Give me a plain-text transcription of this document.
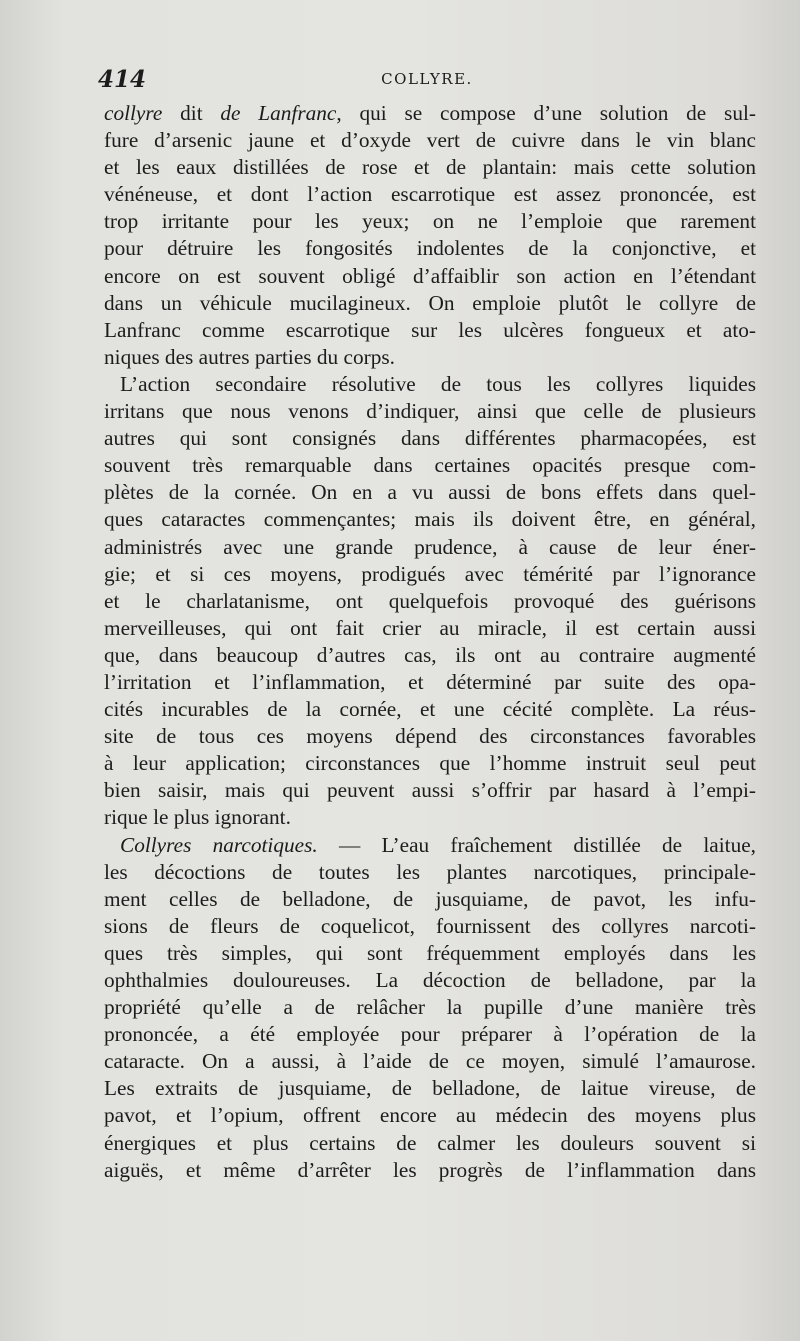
414	COLLYRE.
collyre dit de Lanfranc, qui se compose d’une solution de sul-
fure d’arsenic jaune et d’oxyde vert de cuivre dans le vin blanc
et les eaux distillées de rose et de plantain: mais cette solution
vénéneuse, et dont l’action escarrotique est assez prononcée, est
trop irritante pour les yeux; on ne l’emploie que rarement
pour détruire les fongosités indolentes de la conjonctive, et
encore on est souvent obligé d’affaiblir son action en l’étendant
dans un véhicule mucilagineux. On emploie plutôt le collyre de
Lanfranc comme escarrotique sur les ulcères fongueux et ato-
niques des autres parties du corps.
L’action secondaire résolutive de tous les collyres liquides
irritans que nous venons d’indiquer, ainsi que celle de plusieurs
autres qui sont consignés dans différentes pharmacopées, est
souvent très remarquable dans certaines opacités presque com-
plètes de la cornée. On en a vu aussi de bons effets dans quel-
ques cataractes commençantes; mais ils doivent être, en général,
administrés avec une grande prudence, à cause de leur éner-
gie; et si ces moyens, prodigués avec témérité par l’ignorance
et le charlatanisme, ont quelquefois provoqué des guérisons
merveilleuses, qui ont fait crier au miracle, il est certain aussi
que, dans beaucoup d’autres cas, ils ont au contraire augmenté
l’irritation et l’inflammation, et déterminé par suite des opa-
cités incurables de la cornée, et une cécité complète. La réus-
site de tous ces moyens dépend des circonstances favorables
à leur application; circonstances que l’homme instruit seul peut
bien saisir, mais qui peuvent aussi s’offrir par hasard à l’empi-
rique le plus ignorant.
Collyres narcotiques. — L’eau fraîchement distillée de laitue,
les décoctions de toutes les plantes narcotiques, principale-
ment celles de belladone, de jusquiame, de pavot, les infu-
sions de fleurs de coquelicot, fournissent des collyres narcoti-
ques très simples, qui sont fréquemment employés dans les
ophthalmies douloureuses. La décoction de belladone, par la
propriété qu’elle a de relâcher la pupille d’une manière très
prononcée, a été employée pour préparer à l’opération de la
cataracte. On a aussi, à l’aide de ce moyen, simulé l’amaurose.
Les extraits de jusquiame, de belladone, de laitue vireuse, de
pavot, et l’opium, offrent encore au médecin des moyens plus
énergiques et plus certains de calmer les douleurs souvent si
aiguës, et même d’arrêter les progrès de l’inflammation dans
